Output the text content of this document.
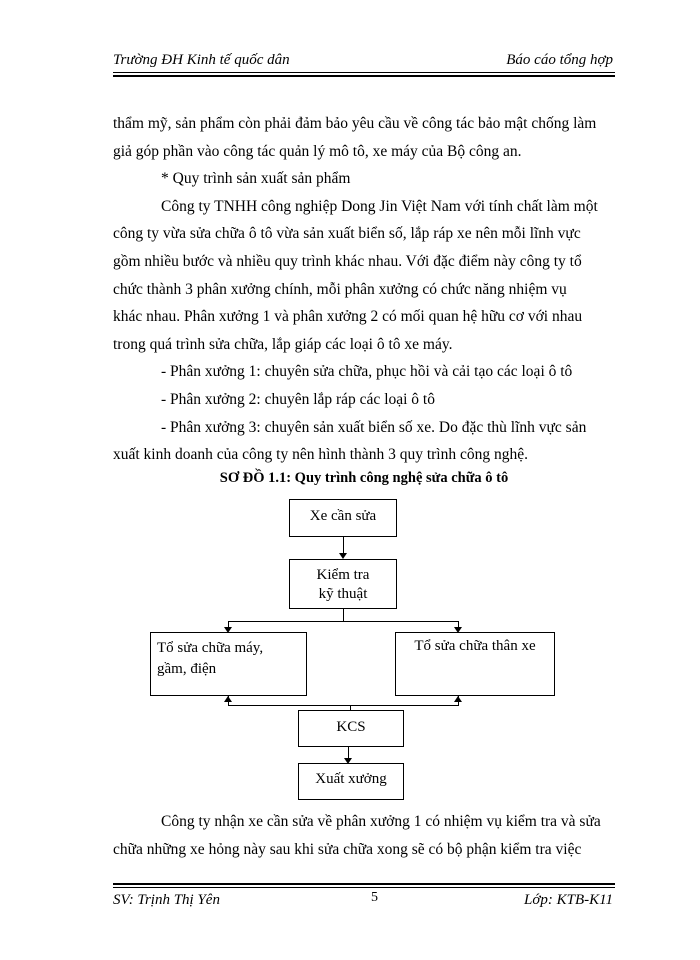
Trường ĐH Kinh tế quốc dân	Báo cáo tổng hợp

thẩm mỹ, sản phẩm còn phải đảm bảo yêu cầu về công tác bảo mật chống làm

giả góp phần vào công tác quản lý mô tô, xe máy của Bộ công an.

* Quy trình sản xuất sản phẩm

Công ty TNHH công nghiệp Dong Jin Việt Nam với tính chất làm một

công ty vừa sửa chữa ô tô vừa sản xuất biển số, lắp ráp xe nên mỗi lĩnh vực

gồm nhiều bước và nhiều quy trình khác nhau. Với đặc điểm này công ty tổ

chức thành 3 phân xưởng chính, mỗi phân xưởng có chức năng nhiệm vụ

khác nhau. Phân xưởng 1 và phân xưởng 2 có mối quan hệ hữu cơ với nhau

trong quá trình sửa chữa, lắp giáp các loại ô tô xe máy.

- Phân xưởng 1: chuyên sửa chữa, phục hồi và cải tạo các loại ô tô

- Phân xưởng 2: chuyên lắp ráp các loại ô tô

- Phân xưởng 3: chuyên sản xuất biển số xe. Do đặc thù lĩnh vực sản

xuất kinh doanh của công ty nên hình thành 3 quy trình công nghệ.

SƠ ĐỒ 1.1: Quy trình công nghệ sửa chữa ô tô
Xe cần sửa
Kiểm tra
kỹ thuật
Tổ sửa chữa máy,
gầm, điện
Tổ sửa chữa thân xe
KCS
Xuất xưởng

Công ty nhận xe cần sửa về phân xưởng 1 có nhiệm vụ kiểm tra và sửa

chữa những xe hỏng này sau khi sửa chữa xong sẽ có bộ phận kiểm tra việc

SV: Trịnh Thị Yên	5	Lớp: KTB-K11
